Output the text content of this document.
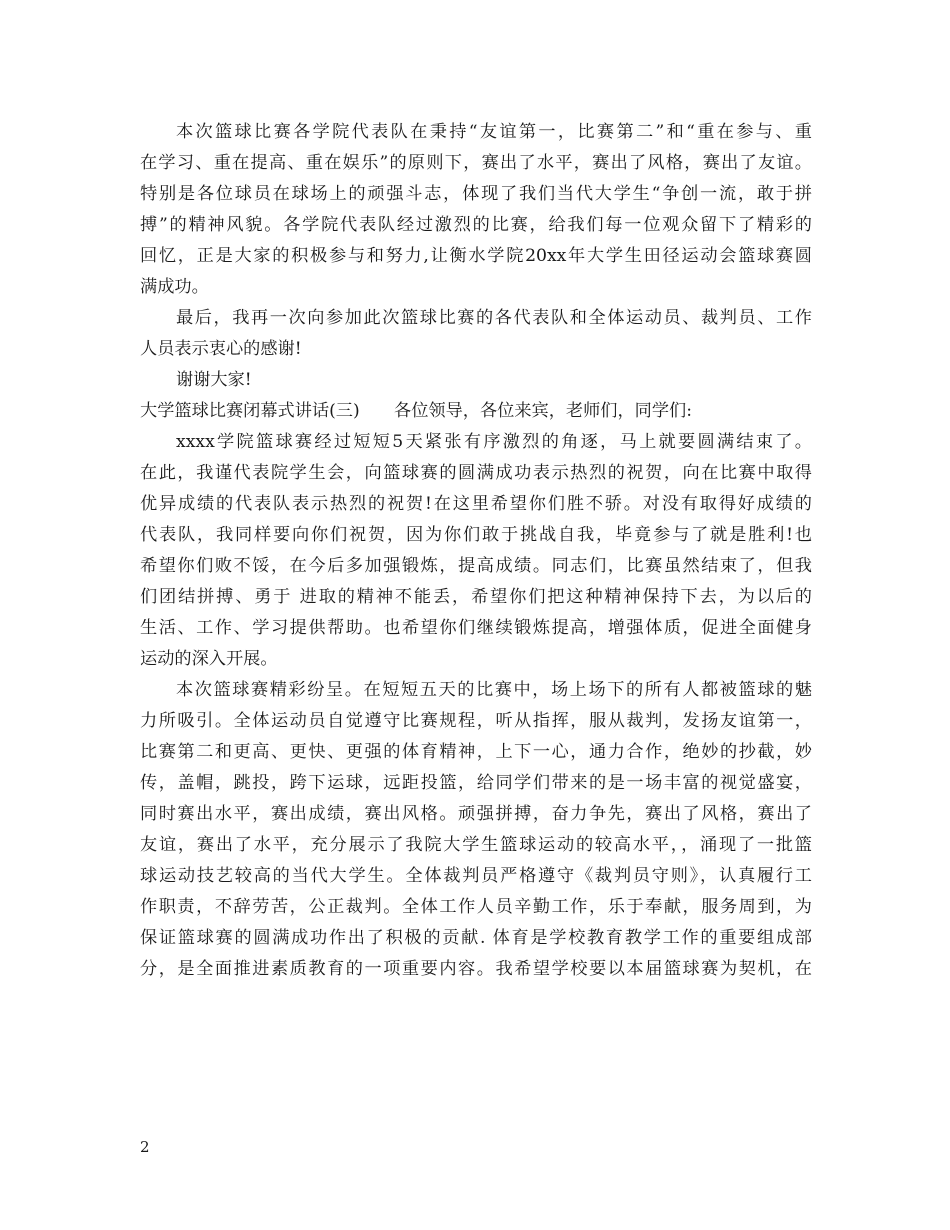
本次篮球比赛各学院代表队在秉持“友谊第一，比赛第二”和“重在参与、重
在学习、重在提高、重在娱乐”的原则下，赛出了水平，赛出了风格，赛出了友谊。
特别是各位球员在球场上的顽强斗志，体现了我们当代大学生“争创一流，敢于拼
搏”的精神风貌。各学院代表队经过激烈的比赛，给我们每一位观众留下了精彩的
回忆，正是大家的积极参与和努力,让衡水学院20xx年大学生田径运动会篮球赛圆
满成功。
最后，我再一次向参加此次篮球比赛的各代表队和全体运动员、裁判员、工作
人员表示衷心的感谢!
谢谢大家!
大学篮球比赛闭幕式讲话(三)　　各位领导，各位来宾，老师们，同学们:
xxxx学院篮球赛经过短短5天紧张有序激烈的角逐，马上就要圆满结束了。
在此，我谨代表院学生会，向篮球赛的圆满成功表示热烈的祝贺，向在比赛中取得
优异成绩的代表队表示热烈的祝贺!在这里希望你们胜不骄。对没有取得好成绩的
代表队，我同样要向你们祝贺，因为你们敢于挑战自我，毕竟参与了就是胜利!也
希望你们败不馁，在今后多加强锻炼，提高成绩。同志们，比赛虽然结束了，但我
们团结拼搏、勇于 进取的精神不能丢，希望你们把这种精神保持下去，为以后的
生活、工作、学习提供帮助。也希望你们继续锻炼提高，增强体质，促进全面健身
运动的深入开展。
本次篮球赛精彩纷呈。在短短五天的比赛中，场上场下的所有人都被篮球的魅
力所吸引。全体运动员自觉遵守比赛规程，听从指挥，服从裁判，发扬友谊第一，
比赛第二和更高、更快、更强的体育精神，上下一心，通力合作，绝妙的抄截，妙
传，盖帽，跳投，跨下运球，远距投篮，给同学们带来的是一场丰富的视觉盛宴，
同时赛出水平，赛出成绩，赛出风格。顽强拼搏，奋力争先，赛出了风格，赛出了
友谊，赛出了水平，充分展示了我院大学生篮球运动的较高水平，，涌现了一批篮
球运动技艺较高的当代大学生。全体裁判员严格遵守《裁判员守则》，认真履行工
作职责，不辞劳苦，公正裁判。全体工作人员辛勤工作，乐于奉献，服务周到，为
保证篮球赛的圆满成功作出了积极的贡献. 体育是学校教育教学工作的重要组成部
分，是全面推进素质教育的一项重要内容。我希望学校要以本届篮球赛为契机，在
2
